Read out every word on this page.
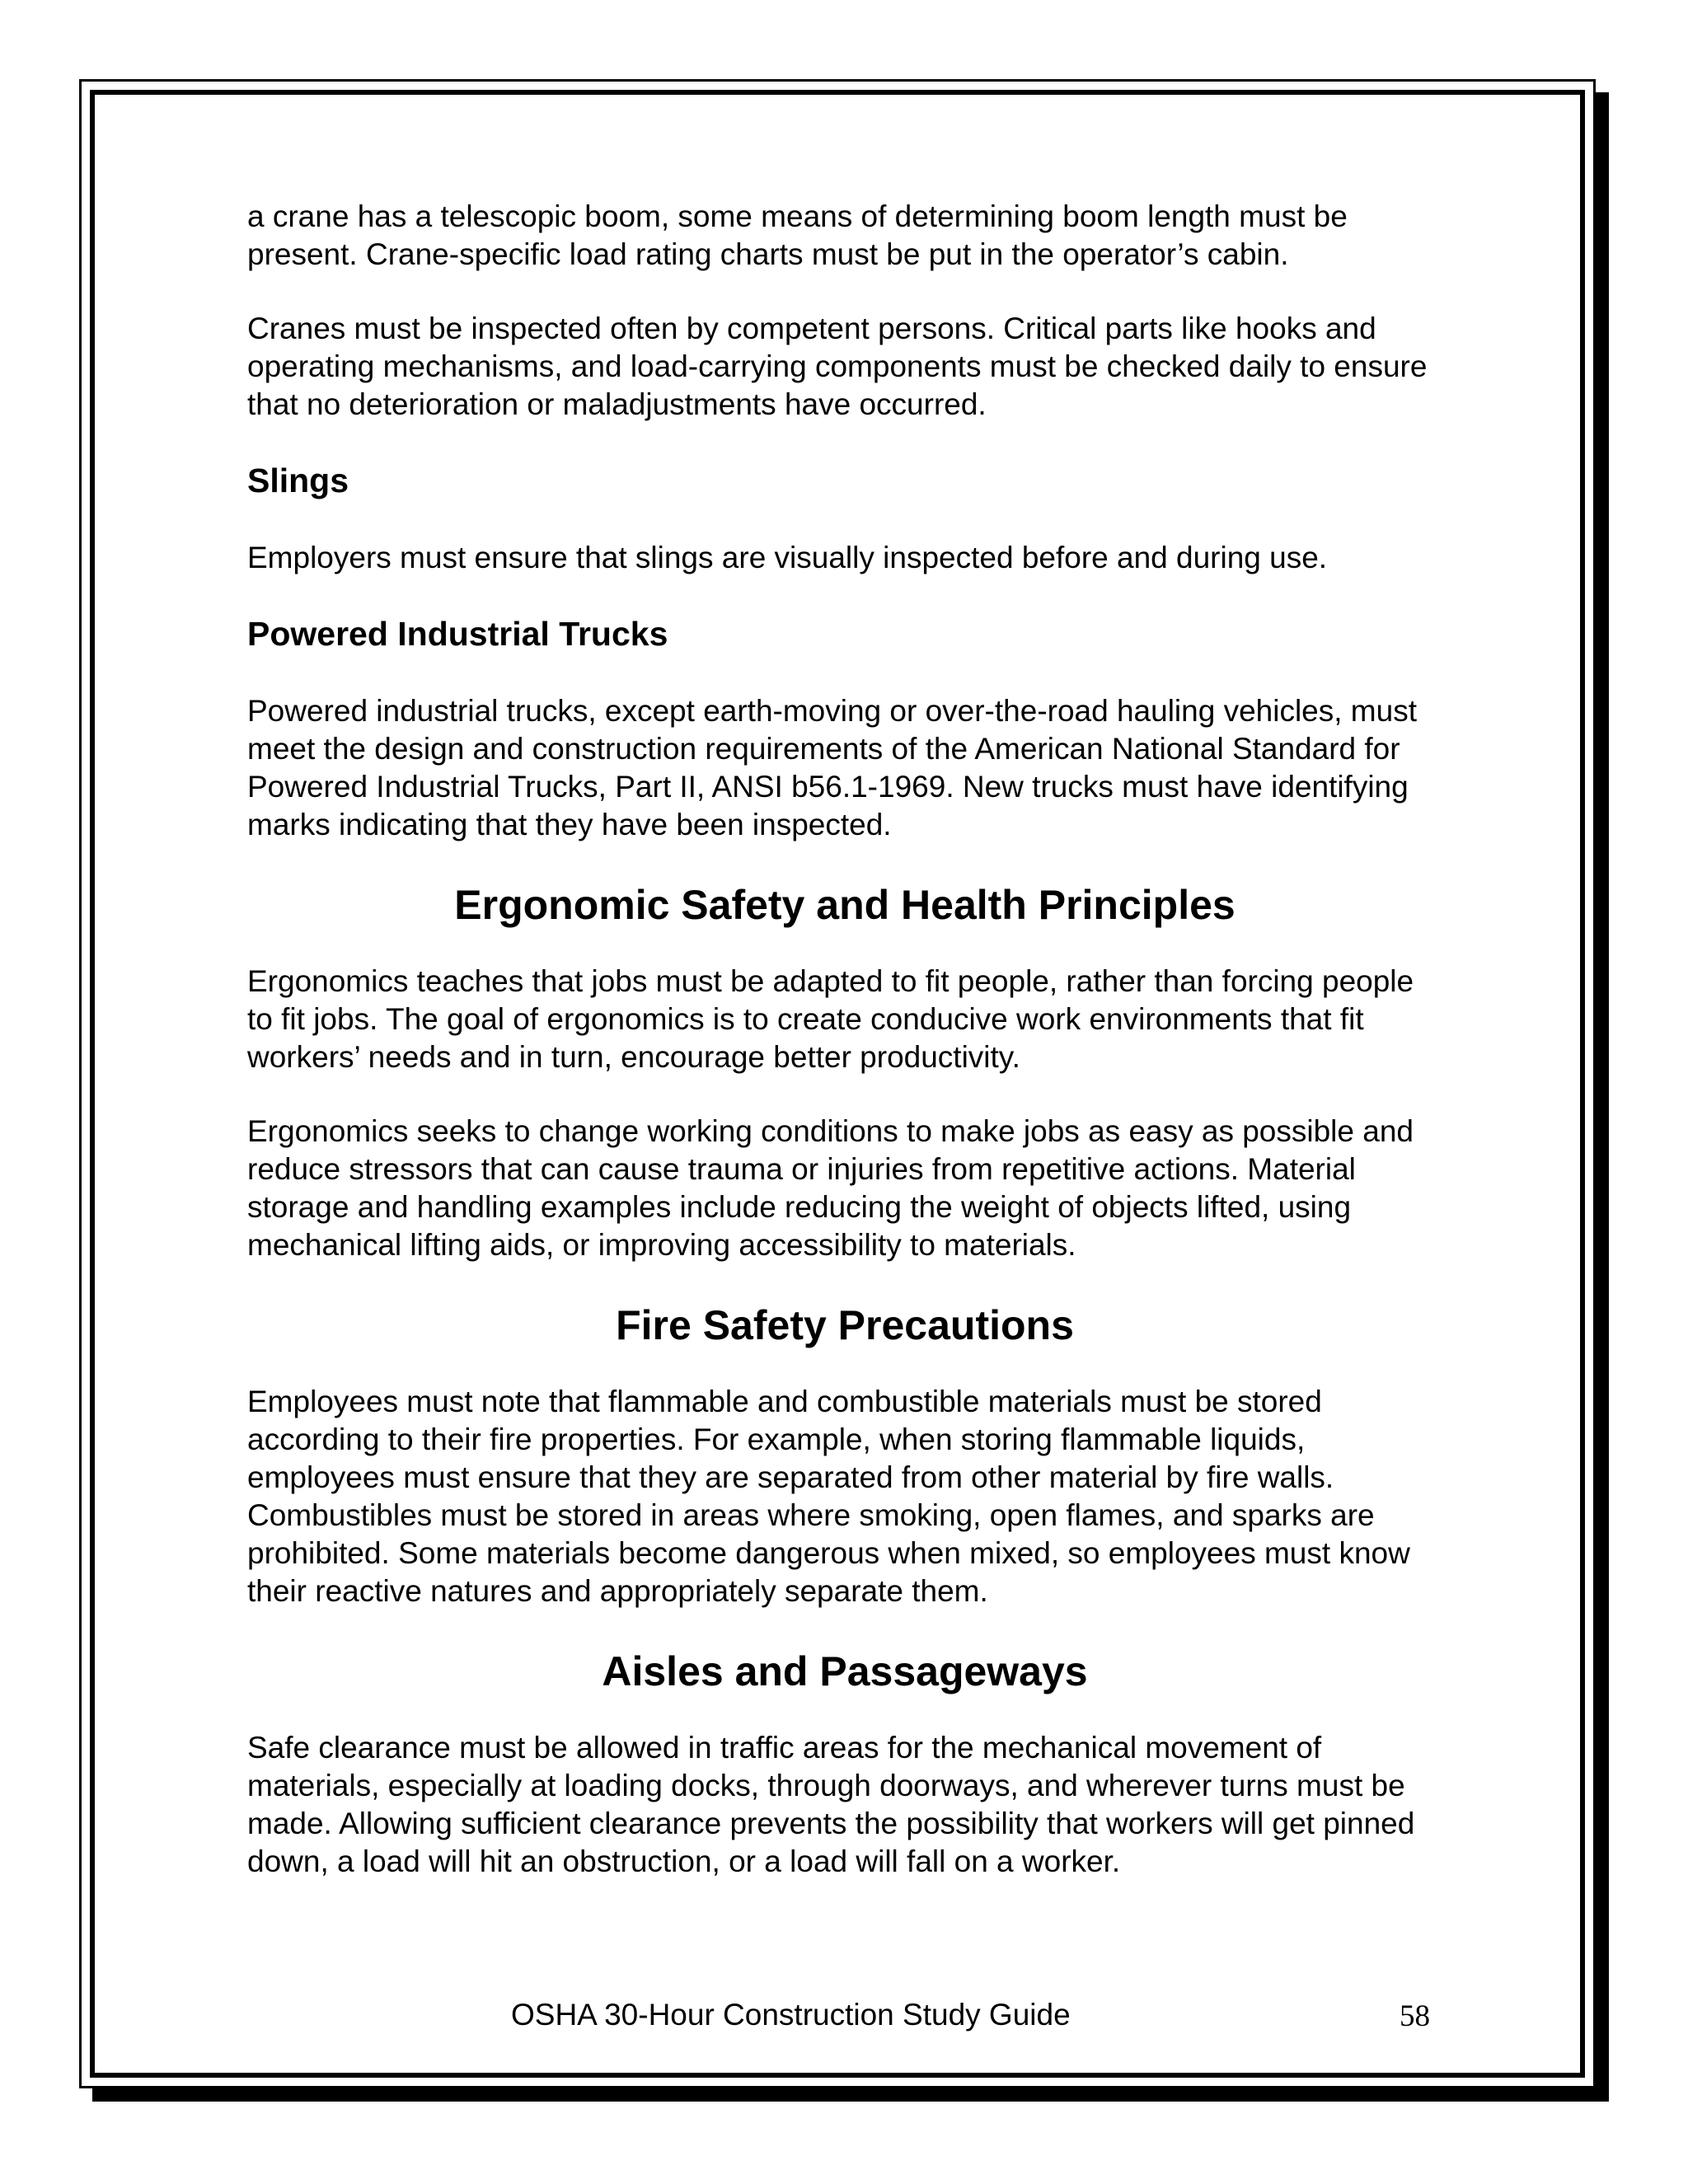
a crane has a telescopic boom, some means of determining boom length must be present. Crane-specific load rating charts must be put in the operator’s cabin.

Cranes must be inspected often by competent persons. Critical parts like hooks and operating mechanisms, and load-carrying components must be checked daily to ensure that no deterioration or maladjustments have occurred.

Slings

Employers must ensure that slings are visually inspected before and during use.

Powered Industrial Trucks

Powered industrial trucks, except earth-moving or over-the-road hauling vehicles, must meet the design and construction requirements of the American National Standard for Powered Industrial Trucks, Part II, ANSI b56.1-1969. New trucks must have identifying marks indicating that they have been inspected.

Ergonomic Safety and Health Principles

Ergonomics teaches that jobs must be adapted to fit people, rather than forcing people to fit jobs. The goal of ergonomics is to create conducive work environments that fit workers’ needs and in turn, encourage better productivity.

Ergonomics seeks to change working conditions to make jobs as easy as possible and reduce stressors that can cause trauma or injuries from repetitive actions. Material storage and handling examples include reducing the weight of objects lifted, using mechanical lifting aids, or improving accessibility to materials.

Fire Safety Precautions

Employees must note that flammable and combustible materials must be stored according to their fire properties. For example, when storing flammable liquids, employees must ensure that they are separated from other material by fire walls. Combustibles must be stored in areas where smoking, open flames, and sparks are prohibited. Some materials become dangerous when mixed, so employees must know their reactive natures and appropriately separate them.

Aisles and Passageways

Safe clearance must be allowed in traffic areas for the mechanical movement of materials, especially at loading docks, through doorways, and wherever turns must be made. Allowing sufficient clearance prevents the possibility that workers will get pinned down, a load will hit an obstruction, or a load will fall on a worker.

OSHA 30-Hour Construction Study Guide	58
